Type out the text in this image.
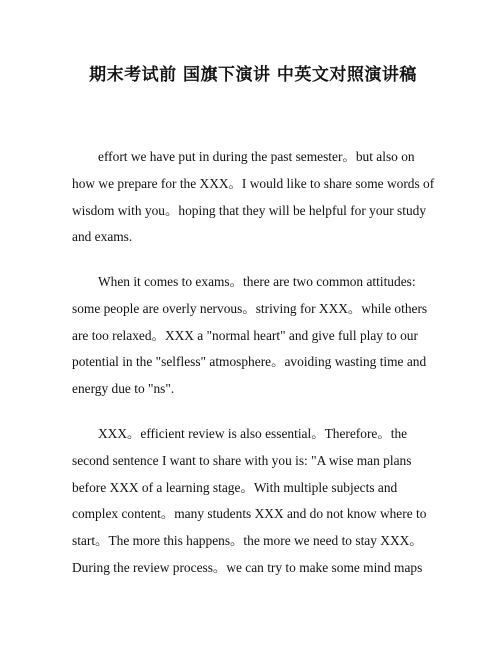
期末考试前 国旗下演讲 中英文对照演讲稿

effort we have put in during the past semester。but also on how we prepare for the XXX。I would like to share some words of wisdom with you。hoping that they will be helpful for your study and exams.

When it comes to exams。there are two common attitudes: some people are overly nervous。striving for XXX。while others are too relaxed。XXX a "normal heart" and give full play to our potential in the "selfless" atmosphere。avoiding wasting time and energy due to "ns".

XXX。efficient review is also essential。Therefore。the second sentence I want to share with you is: "A wise man plans before XXX of a learning stage。With multiple subjects and complex content。many students XXX and do not know where to start。The more this happens。the more we need to stay XXX。During the review process。we can try to make some mind maps
